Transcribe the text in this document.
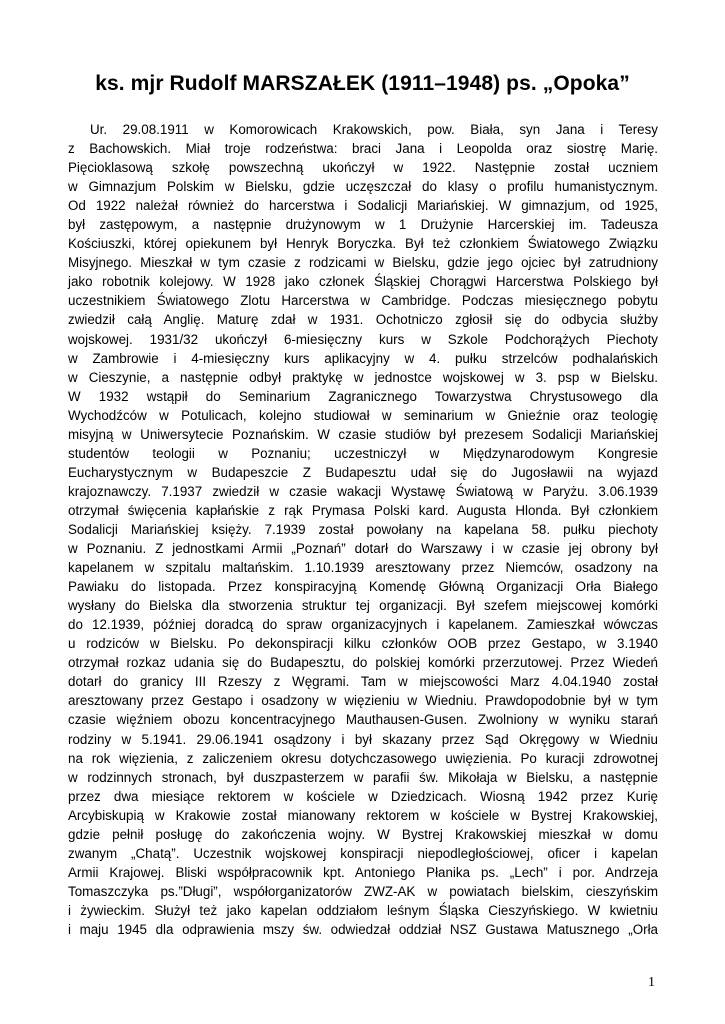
ks. mjr Rudolf MARSZAŁEK (1911–1948) ps. „Opoka”
Ur. 29.08.1911 w Komorowicach Krakowskich, pow. Biała, syn Jana i Teresy
z Bachowskich. Miał troje rodzeństwa: braci Jana i Leopolda oraz siostrę Marię.
Pięcioklasową szkołę powszechną ukończył w 1922. Następnie został uczniem
w Gimnazjum Polskim w Bielsku, gdzie uczęszczał do klasy o profilu humanistycznym.
Od 1922 należał również do harcerstwa i Sodalicji Mariańskiej. W gimnazjum, od 1925,
był zastępowym, a następnie drużynowym w 1 Drużynie Harcerskiej im. Tadeusza
Kościuszki, której opiekunem był Henryk Boryczka. Był też członkiem Światowego Związku
Misyjnego. Mieszkał w tym czasie z rodzicami w Bielsku, gdzie jego ojciec był zatrudniony
jako robotnik kolejowy. W 1928 jako członek Śląskiej Chorągwi Harcerstwa Polskiego był
uczestnikiem Światowego Zlotu Harcerstwa w Cambridge. Podczas miesięcznego pobytu
zwiedził całą Anglię. Maturę zdał w 1931. Ochotniczo zgłosił się do odbycia służby
wojskowej. 1931/32 ukończył 6-miesięczny kurs w Szkole Podchorążych Piechoty
w Zambrowie i 4-miesięczny kurs aplikacyjny w 4. pułku strzelców podhalańskich
w Cieszynie, a następnie odbył praktykę w jednostce wojskowej w 3. psp w Bielsku.
W 1932 wstąpił do Seminarium Zagranicznego Towarzystwa Chrystusowego dla
Wychodźców w Potulicach, kolejno studiował w seminarium w Gnieźnie oraz teologię
misyjną w Uniwersytecie Poznańskim. W czasie studiów był prezesem Sodalicji Mariańskiej
studentów teologii w Poznaniu; uczestniczył w Międzynarodowym Kongresie
Eucharystycznym w Budapeszcie Z Budapesztu udał się do Jugosławii na wyjazd
krajoznawczy. 7.1937 zwiedził w czasie wakacji Wystawę Światową w Paryżu. 3.06.1939
otrzymał święcenia kapłańskie z rąk Prymasa Polski kard. Augusta Hlonda. Był członkiem
Sodalicji Mariańskiej księży. 7.1939 został powołany na kapelana 58. pułku piechoty
w Poznaniu. Z jednostkami Armii „Poznań” dotarł do Warszawy i w czasie jej obrony był
kapelanem w szpitalu maltańskim. 1.10.1939 aresztowany przez Niemców, osadzony na
Pawiaku do listopada. Przez konspiracyjną Komendę Główną Organizacji Orła Białego
wysłany do Bielska dla stworzenia struktur tej organizacji. Był szefem miejscowej komórki
do 12.1939, później doradcą do spraw organizacyjnych i kapelanem. Zamieszkał wówczas
u rodziców w Bielsku. Po dekonspiracji kilku członków OOB przez Gestapo, w 3.1940
otrzymał rozkaz udania się do Budapesztu, do polskiej komórki przerzutowej. Przez Wiedeń
dotarł do granicy III Rzeszy z Węgrami. Tam w miejscowości Marz 4.04.1940 został
aresztowany przez Gestapo i osadzony w więzieniu w Wiedniu. Prawdopodobnie był w tym
czasie więźniem obozu koncentracyjnego Mauthausen-Gusen. Zwolniony w wyniku starań
rodziny w 5.1941. 29.06.1941 osądzony i był skazany przez Sąd Okręgowy w Wiedniu
na rok więzienia, z zaliczeniem okresu dotychczasowego uwięzienia. Po kuracji zdrowotnej
w rodzinnych stronach, był duszpasterzem w parafii św. Mikołaja w Bielsku, a następnie
przez dwa miesiące rektorem w kościele w Dziedzicach. Wiosną 1942 przez Kurię
Arcybiskupią w Krakowie został mianowany rektorem w kościele w Bystrej Krakowskiej,
gdzie pełnił posługę do zakończenia wojny. W Bystrej Krakowskiej mieszkał w domu
zwanym „Chatą”. Uczestnik wojskowej konspiracji niepodległościowej, oficer i kapelan
Armii Krajowej. Bliski współpracownik kpt. Antoniego Płanika ps. „Lech” i por. Andrzeja
Tomaszczyka ps.”Długi”, współorganizatorów ZWZ-AK w powiatach bielskim, cieszyńskim
i żywieckim. Służył też jako kapelan oddziałom leśnym Śląska Cieszyńskiego. W kwietniu
i maju 1945 dla odprawienia mszy św. odwiedzał oddział NSZ Gustawa Matusznego „Orła
1
